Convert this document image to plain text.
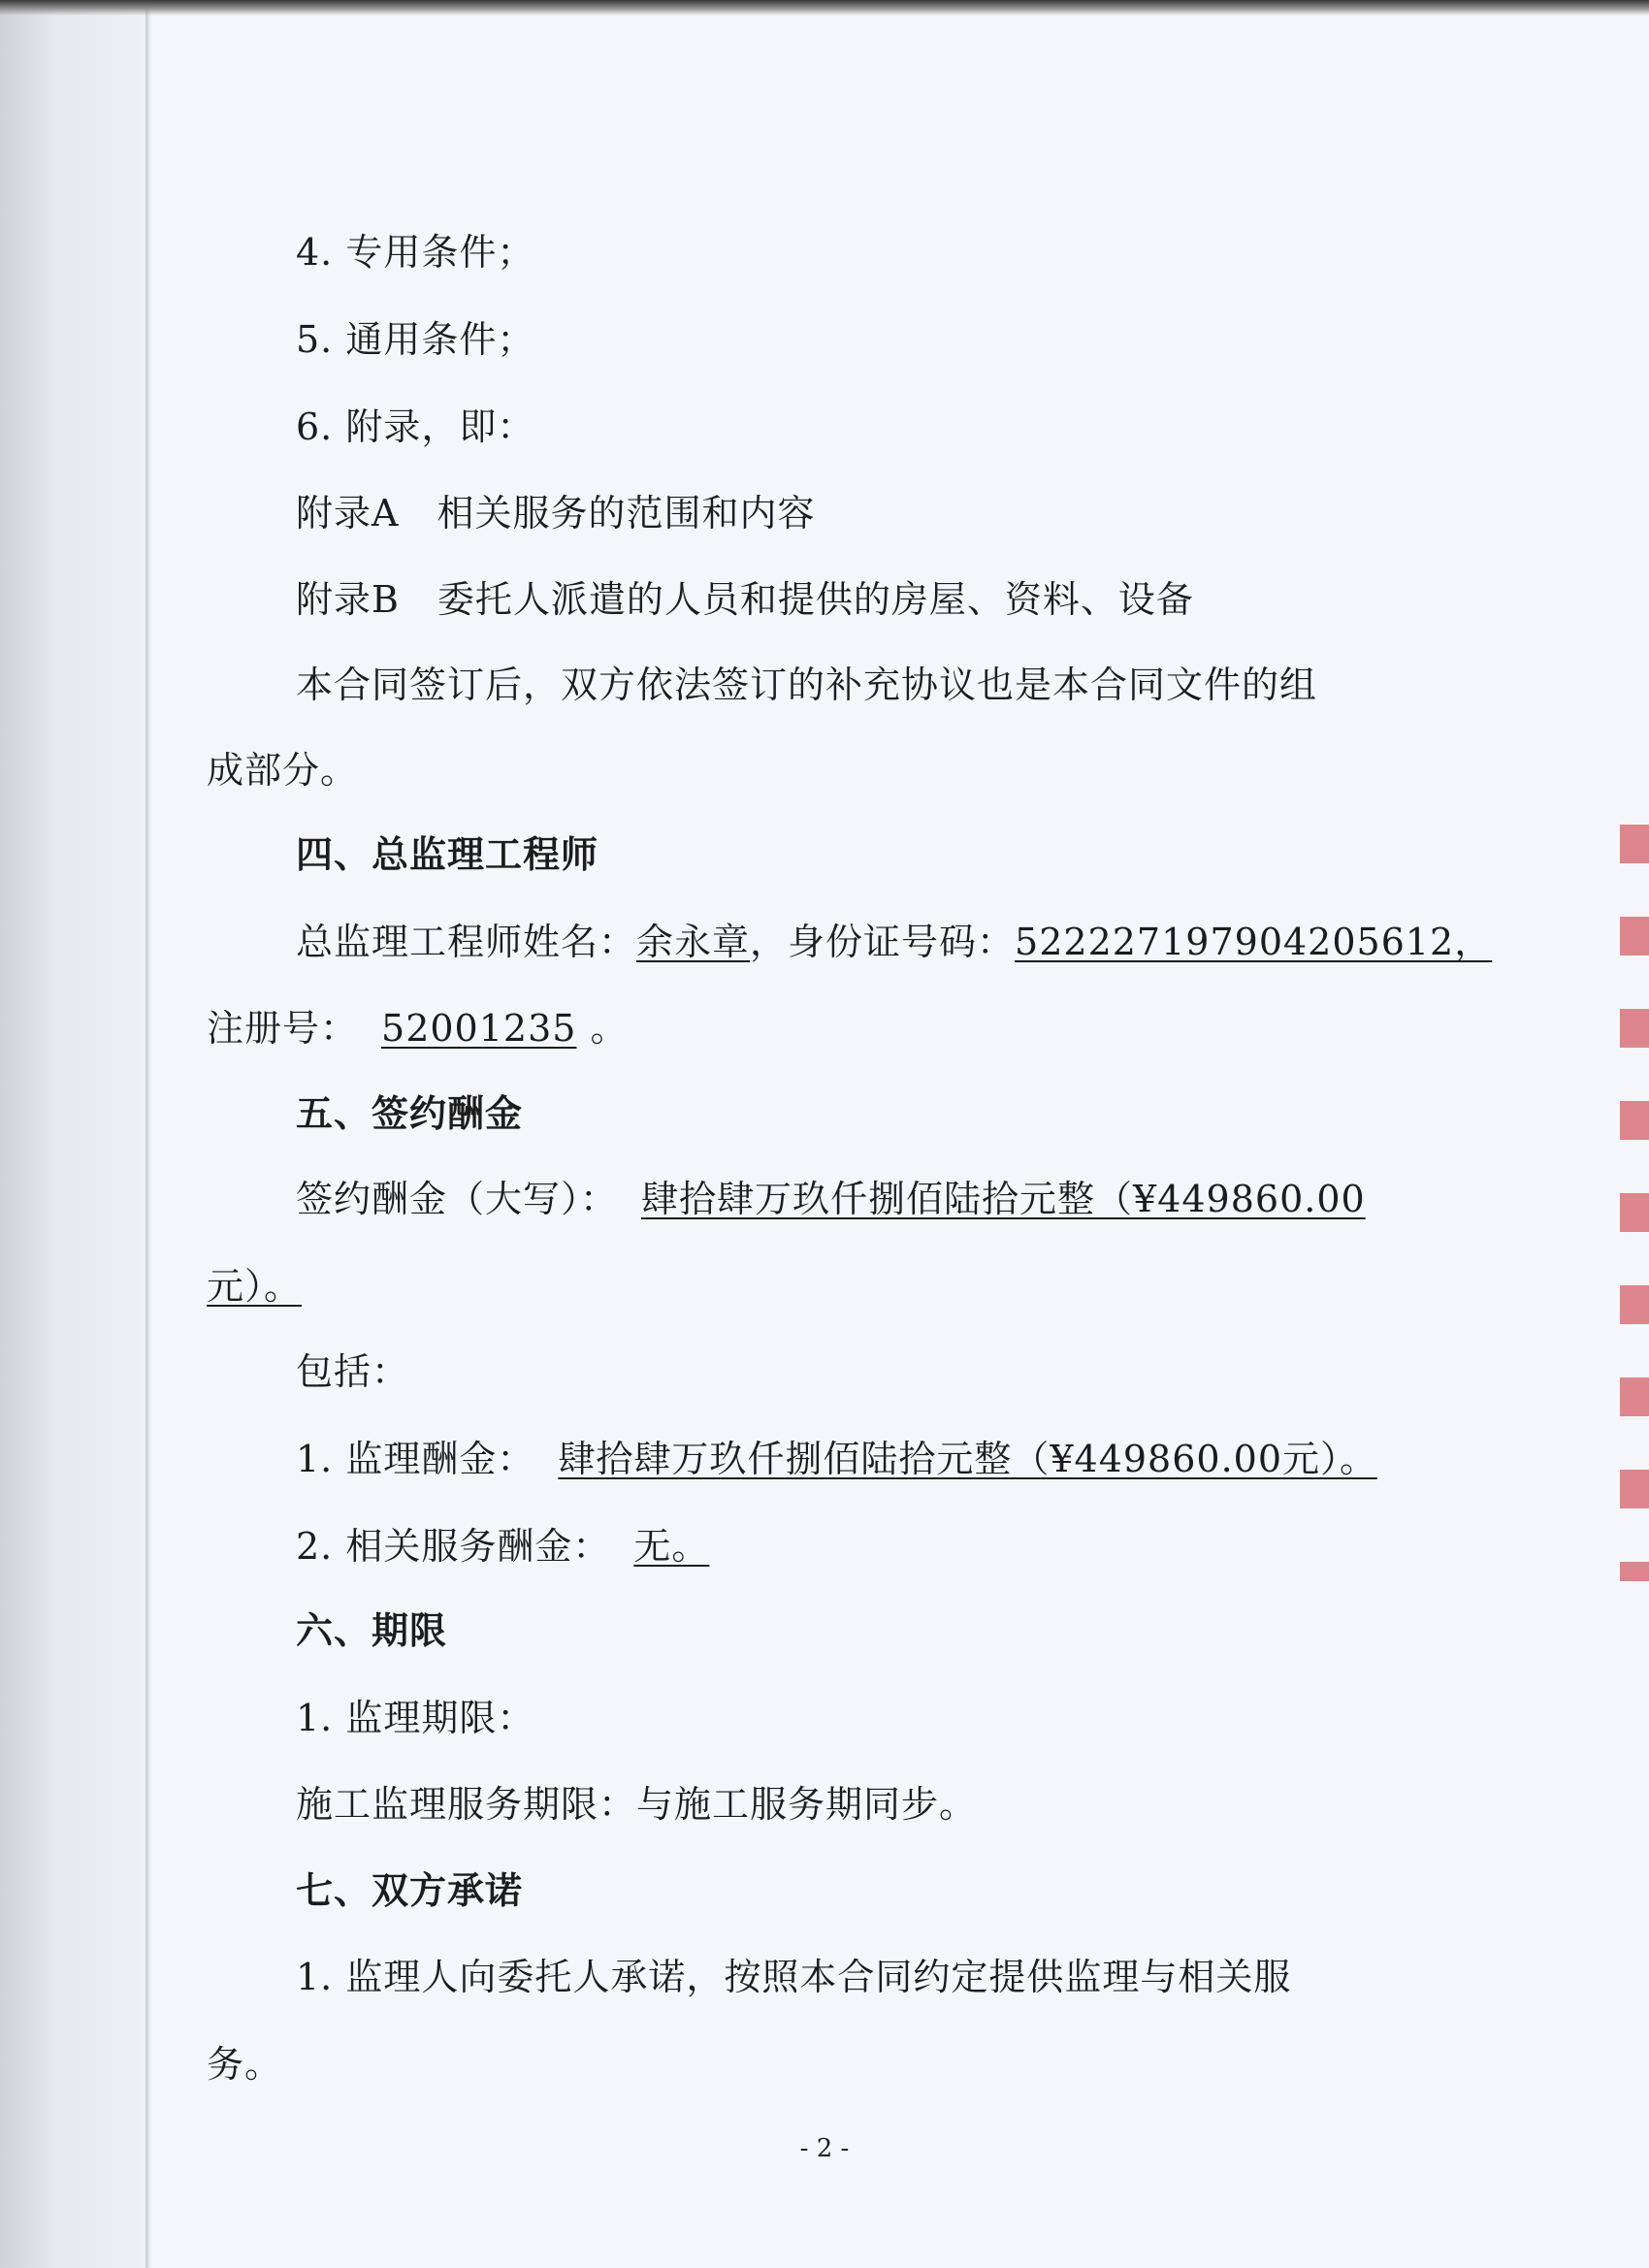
4. 专用条件；
5. 通用条件；
6. 附录，即：
附录A　相关服务的范围和内容
附录B　委托人派遣的人员和提供的房屋、资料、设备
本合同签订后，双方依法签订的补充协议也是本合同文件的组
成部分。
四、总监理工程师
总监理工程师姓名：余永章，身份证号码：522227197904205612，
注册号： 52001235 。
五、签约酬金
签约酬金（大写）： 肆拾肆万玖仟捌佰陆拾元整（¥449860.00
元）。
包括：
1. 监理酬金： 肆拾肆万玖仟捌佰陆拾元整（¥449860.00元）。
2. 相关服务酬金： 无。
六、期限
1. 监理期限：
施工监理服务期限：与施工服务期同步。
七、双方承诺
1. 监理人向委托人承诺，按照本合同约定提供监理与相关服
务。
- 2 -
